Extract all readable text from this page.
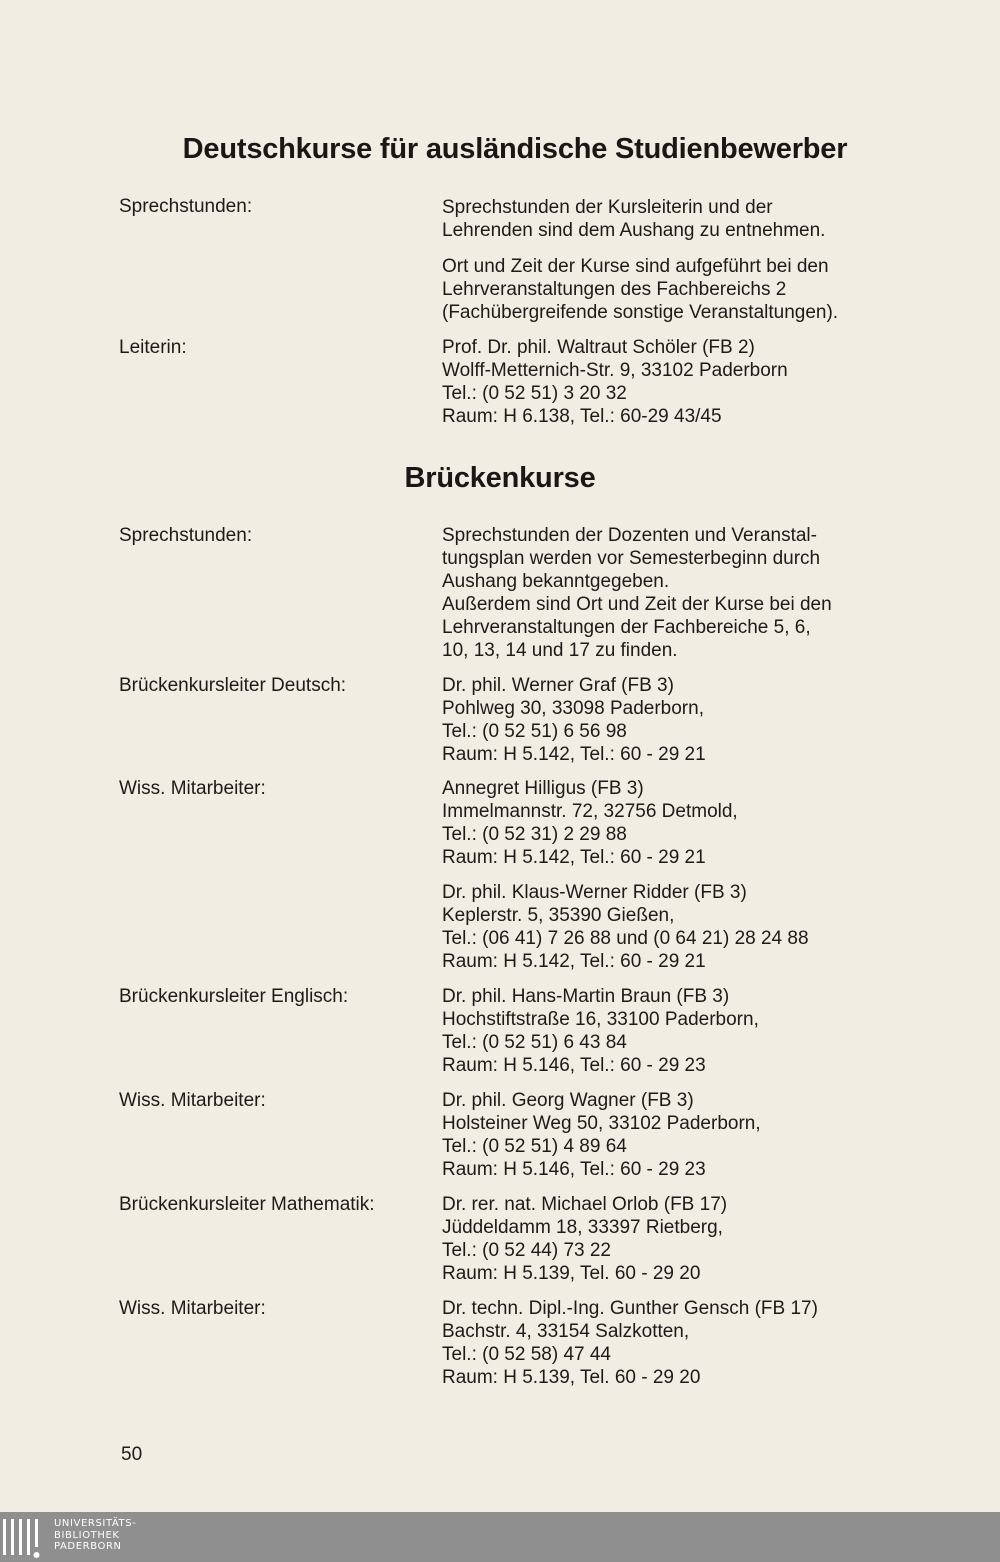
Deutschkurse für ausländische Studienbewerber

Sprechstunden:	Sprechstunden der Kursleiterin und der
Lehrenden sind dem Aushang zu entnehmen.
Ort und Zeit der Kurse sind aufgeführt bei den
Lehrveranstaltungen des Fachbereichs 2
(Fachübergreifende sonstige Veranstaltungen).

Leiterin:	Prof. Dr. phil. Waltraut Schöler (FB 2)
Wolff-Metternich-Str. 9, 33102 Paderborn
Tel.: (0 52 51) 3 20 32
Raum: H 6.138, Tel.: 60-29 43/45
Brückenkurse

Sprechstunden:	Sprechstunden der Dozenten und Veranstal-
tungsplan werden vor Semesterbeginn durch
Aushang bekanntgegeben.
Außerdem sind Ort und Zeit der Kurse bei den
Lehrveranstaltungen der Fachbereiche 5, 6,
10, 13, 14 und 17 zu finden.

Brückenkursleiter Deutsch:	Dr. phil. Werner Graf (FB 3)
Pohlweg 30, 33098 Paderborn,
Tel.: (0 52 51) 6 56 98
Raum: H 5.142, Tel.: 60 - 29 21

Wiss. Mitarbeiter:	Annegret Hilligus (FB 3)
Immelmannstr. 72, 32756 Detmold,
Tel.: (0 52 31) 2 29 88
Raum: H 5.142, Tel.: 60 - 29 21
Dr. phil. Klaus-Werner Ridder (FB 3)
Keplerstr. 5, 35390 Gießen,
Tel.: (06 41) 7 26 88 und (0 64 21) 28 24 88
Raum: H 5.142, Tel.: 60 - 29 21

Brückenkursleiter Englisch:	Dr. phil. Hans-Martin Braun (FB 3)
Hochstiftstraße 16, 33100 Paderborn,
Tel.: (0 52 51) 6 43 84
Raum: H 5.146, Tel.: 60 - 29 23

Wiss. Mitarbeiter:	Dr. phil. Georg Wagner (FB 3)
Holsteiner Weg 50, 33102 Paderborn,
Tel.: (0 52 51) 4 89 64
Raum: H 5.146, Tel.: 60 - 29 23

Brückenkursleiter Mathematik:	Dr. rer. nat. Michael Orlob (FB 17)
Jüddeldamm 18, 33397 Rietberg,
Tel.: (0 52 44) 73 22
Raum: H 5.139, Tel. 60 - 29 20

Wiss. Mitarbeiter:	Dr. techn. Dipl.-Ing. Gunther Gensch (FB 17)
Bachstr. 4, 33154 Salzkotten,
Tel.: (0 52 58) 47 44
Raum: H 5.139, Tel. 60 - 29 20
50
UNIVERSITÄTS-
BIBLIOTHEK
PADERBORN
